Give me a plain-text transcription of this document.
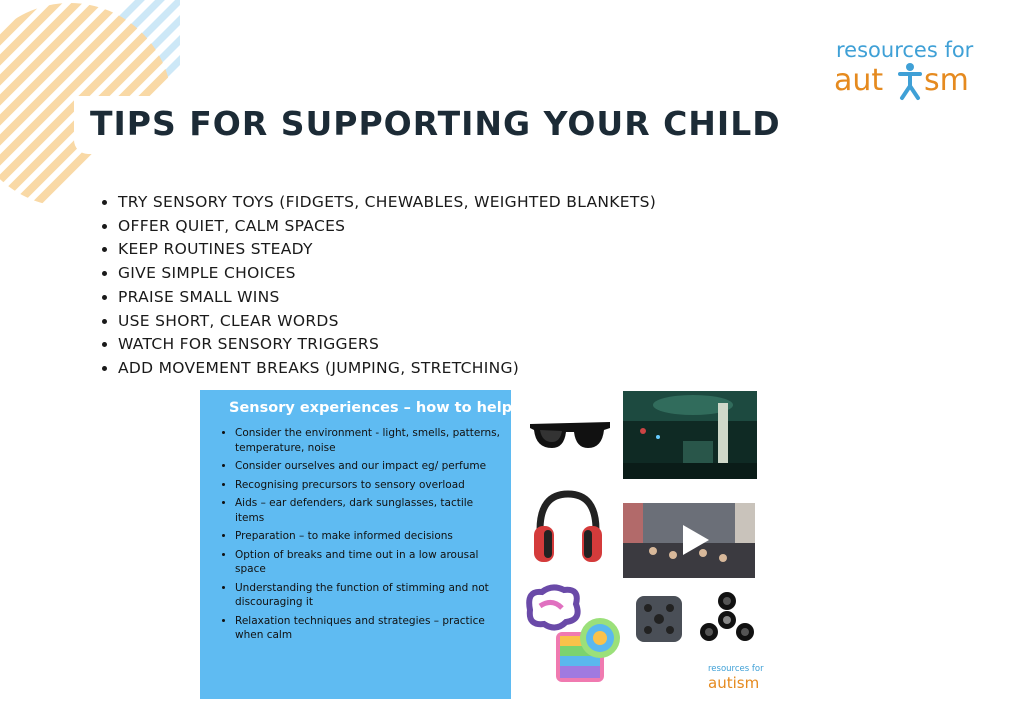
TIPS FOR SUPPORTING YOUR CHILD
resources for
aut sm
• TRY SENSORY TOYS (FIDGETS, CHEWABLES, WEIGHTED BLANKETS)
• OFFER QUIET, CALM SPACES
• KEEP ROUTINES STEADY
• GIVE SIMPLE CHOICES
• PRAISE SMALL WINS
• USE SHORT, CLEAR WORDS
• WATCH FOR SENSORY TRIGGERS
• ADD MOVEMENT BREAKS (JUMPING, STRETCHING)
Sensory experiences – how to help
• Consider the environment - light, smells, patterns, temperature, noise
• Consider ourselves and our impact eg/ perfume
• Recognising precursors to sensory overload
• Aids – ear defenders, dark sunglasses, tactile items
• Preparation – to make informed decisions
• Option of breaks and time out in a low arousal space
• Understanding the function of stimming and not discouraging it
• Relaxation techniques and strategies – practice when calm
resources for
autism
